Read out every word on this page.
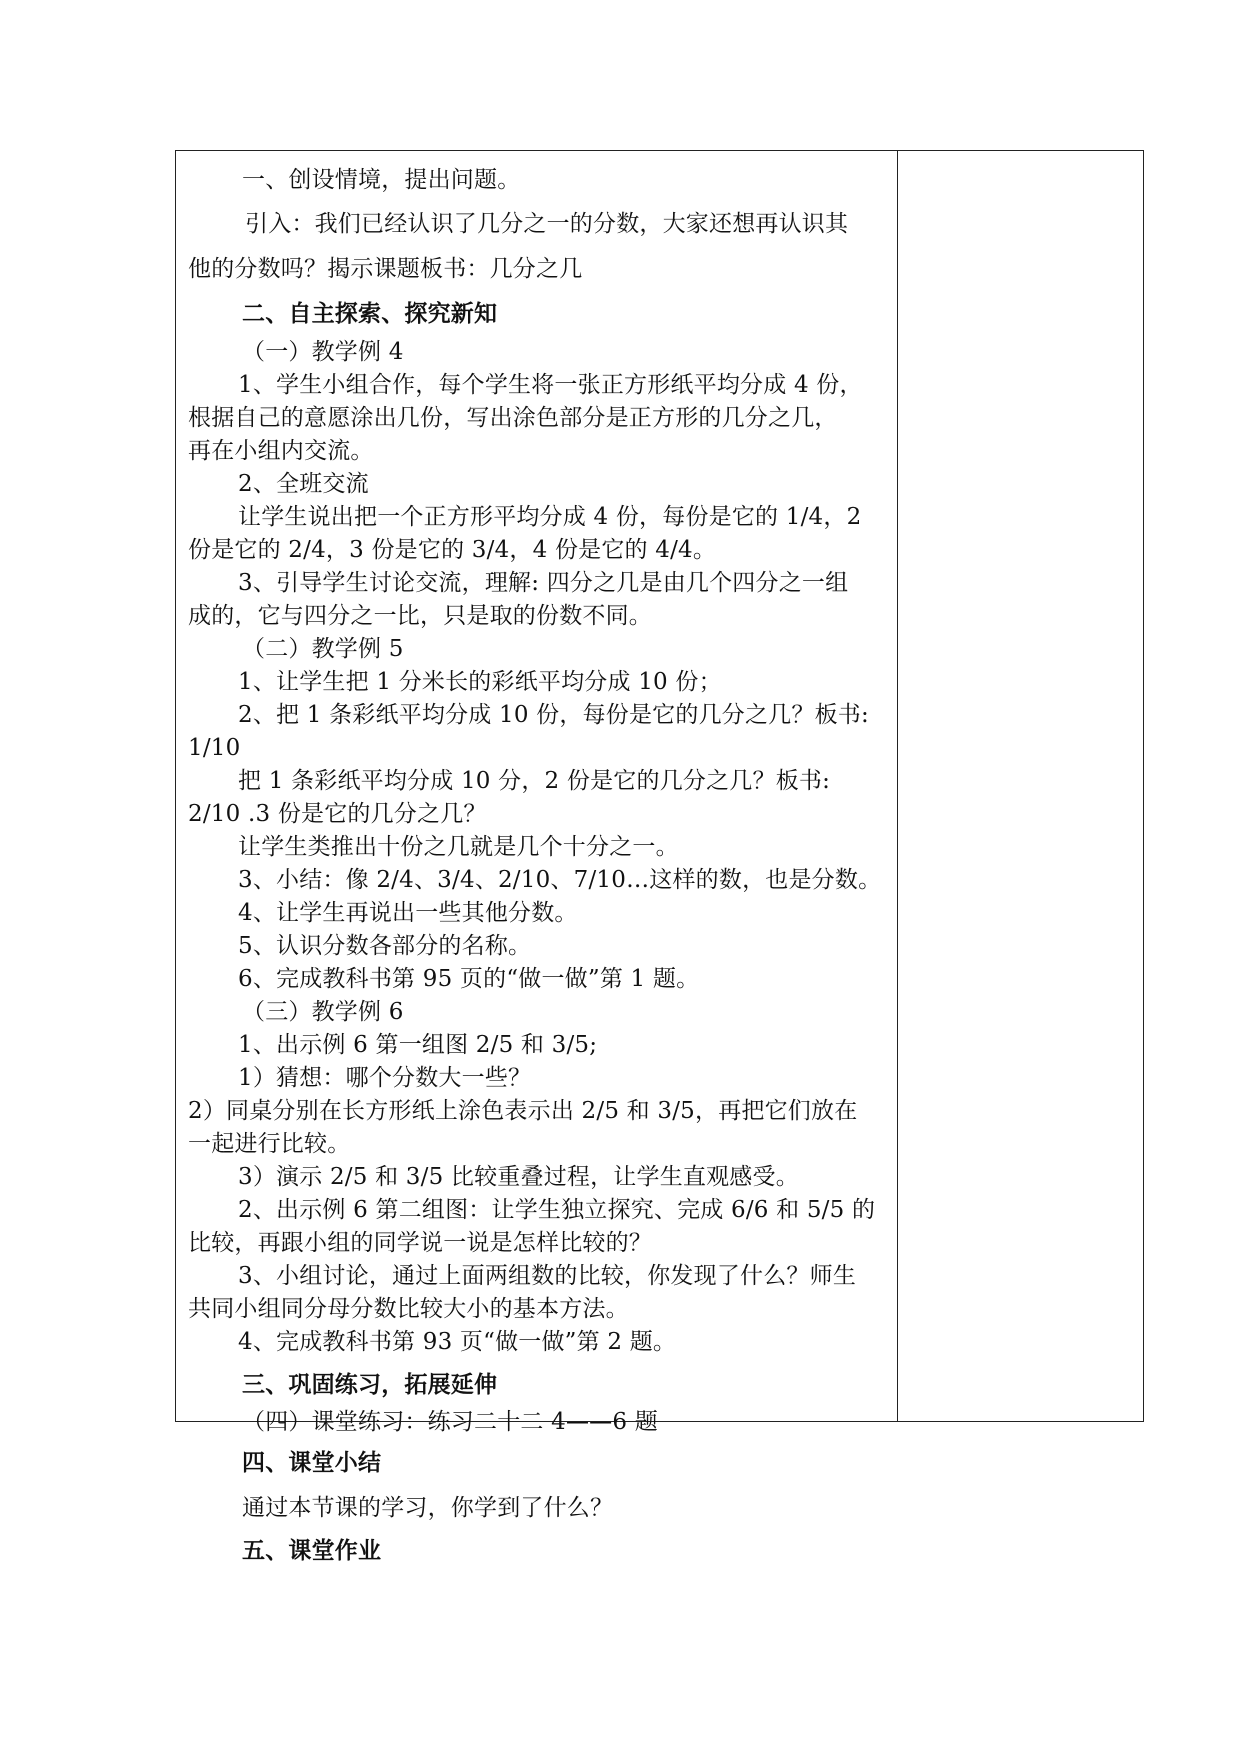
一、创设情境，提出问题。
引入：我们已经认识了几分之一的分数，大家还想再认识其
他的分数吗？揭示课题板书：几分之几
二、自主探索、探究新知
（一）教学例 4
1、学生小组合作，每个学生将一张正方形纸平均分成 4 份，
根据自己的意愿涂出几份，写出涂色部分是正方形的几分之几，
再在小组内交流。
2、全班交流
让学生说出把一个正方形平均分成 4 份，每份是它的 1/4，2
份是它的 2/4，3 份是它的 3/4，4 份是它的 4/4。
3、引导学生讨论交流，理解: 四分之几是由几个四分之一组
成的，它与四分之一比，只是取的份数不同。
（二）教学例 5
1、让学生把 1 分米长的彩纸平均分成 10 份；
2、把 1 条彩纸平均分成 10 份，每份是它的几分之几？板书:
1/10
把 1 条彩纸平均分成 10 分，2 份是它的几分之几？板书:
2/10 .3 份是它的几分之几？
让学生类推出十份之几就是几个十分之一。
3、小结：像 2/4、3/4、2/10、7/10…这样的数，也是分数。
4、让学生再说出一些其他分数。
5、认识分数各部分的名称。
6、完成教科书第 95 页的“做一做”第 1 题。
（三）教学例 6
1、出示例 6 第一组图 2/5 和 3/5;
1）猜想：哪个分数大一些？
2）同桌分别在长方形纸上涂色表示出 2/5 和 3/5，再把它们放在
一起进行比较。
3）演示 2/5 和 3/5 比较重叠过程，让学生直观感受。
2、出示例 6 第二组图：让学生独立探究、完成 6/6 和 5/5 的
比较，再跟小组的同学说一说是怎样比较的？
3、小组讨论，通过上面两组数的比较，你发现了什么？师生
共同小组同分母分数比较大小的基本方法。
4、完成教科书第 93 页“做一做”第 2 题。
三、巩固练习，拓展延伸
（四）课堂练习：练习二十二 4——6 题
四、课堂小结
通过本节课的学习，你学到了什么？
五、课堂作业
